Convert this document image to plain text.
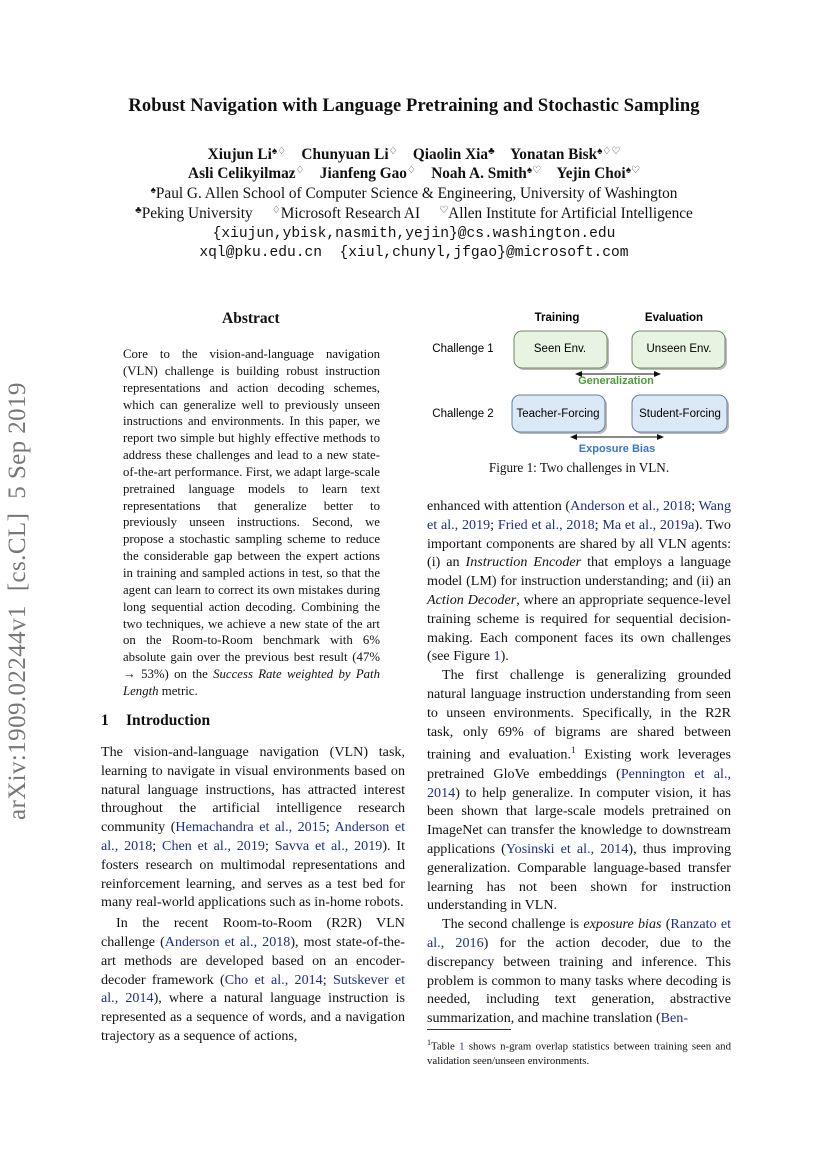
arXiv:1909.02244v1[cs.CL]5 Sep 2019
Robust Navigation with Language Pretraining and Stochastic Sampling
Xiujun Li♠♢ Chunyuan Li♢ Qiaolin Xia♣ Yonatan Bisk♠♢♡
Asli Celikyilmaz♢ Jianfeng Gao♢ Noah A. Smith♠♡ Yejin Choi♠♡
♠Paul G. Allen School of Computer Science & Engineering, University of Washington
♣Peking University ♢Microsoft Research AI ♡Allen Institute for Artificial Intelligence
{xiujun,ybisk,nasmith,yejin}@cs.washington.edu
xql@pku.edu.cn  {xiul,chunyl,jfgao}@microsoft.com
Abstract

Core to the vision-and-language navigation (VLN) challenge is building robust instruction representations and action decoding schemes, which can generalize well to previously unseen instructions and environments. In this paper, we report two simple but highly effective methods to address these challenges and lead to a new state-of-the-art performance. First, we adapt large-scale pretrained language models to learn text representations that generalize better to previously unseen instructions. Second, we propose a stochastic sampling scheme to reduce the considerable gap between the expert actions in training and sampled actions in test, so that the agent can learn to correct its own mistakes during long sequential action decoding. Combining the two techniques, we achieve a new state of the art on the Room-to-Room benchmark with 6% absolute gain over the previous best result (47% → 53%) on the Success Rate weighted by Path Length metric.

1 Introduction

The vision-and-language navigation (VLN) task, learning to navigate in visual environments based on natural language instructions, has attracted interest throughout the artificial intelligence research community (Hemachandra et al., 2015; Anderson et al., 2018; Chen et al., 2019; Savva et al., 2019). It fosters research on multimodal representations and reinforcement learning, and serves as a test bed for many real-world applications such as in-home robots.

In the recent Room-to-Room (R2R) VLN challenge (Anderson et al., 2018), most state-of-the-art methods are developed based on an encoder-decoder framework (Cho et al., 2014; Sutskever et al., 2014), where a natural language instruction is represented as a sequence of words, and a navigation trajectory as a sequence of actions,

Training	Evaluation
Challenge 1
Challenge 2
Seen Env.	Unseen Env.
Generalization
Teacher-Forcing	Student-Forcing
Exposure Bias
Figure 1: Two challenges in VLN.

enhanced with attention (Anderson et al., 2018; Wang et al., 2019; Fried et al., 2018; Ma et al., 2019a). Two important components are shared by all VLN agents: (i) an Instruction Encoder that employs a language model (LM) for instruction understanding; and (ii) an Action Decoder, where an appropriate sequence-level training scheme is required for sequential decision-making. Each component faces its own challenges (see Figure 1).

The first challenge is generalizing grounded natural language instruction understanding from seen to unseen environments. Specifically, in the R2R task, only 69% of bigrams are shared between training and evaluation.$^1$ Existing work leverages pretrained GloVe embeddings (Pennington et al., 2014) to help generalize. In computer vision, it has been shown that large-scale models pretrained on ImageNet can transfer the knowledge to downstream applications (Yosinski et al., 2014), thus improving generalization. Comparable language-based transfer learning has not been shown for instruction understanding in VLN.

The second challenge is exposure bias (Ranzato et al., 2016) for the action decoder, due to the discrepancy between training and inference. This problem is common to many tasks where decoding is needed, including text generation, abstractive summarization, and machine translation (Ben-

$^1$Table 1 shows n-gram overlap statistics between training seen and validation seen/unseen environments.
